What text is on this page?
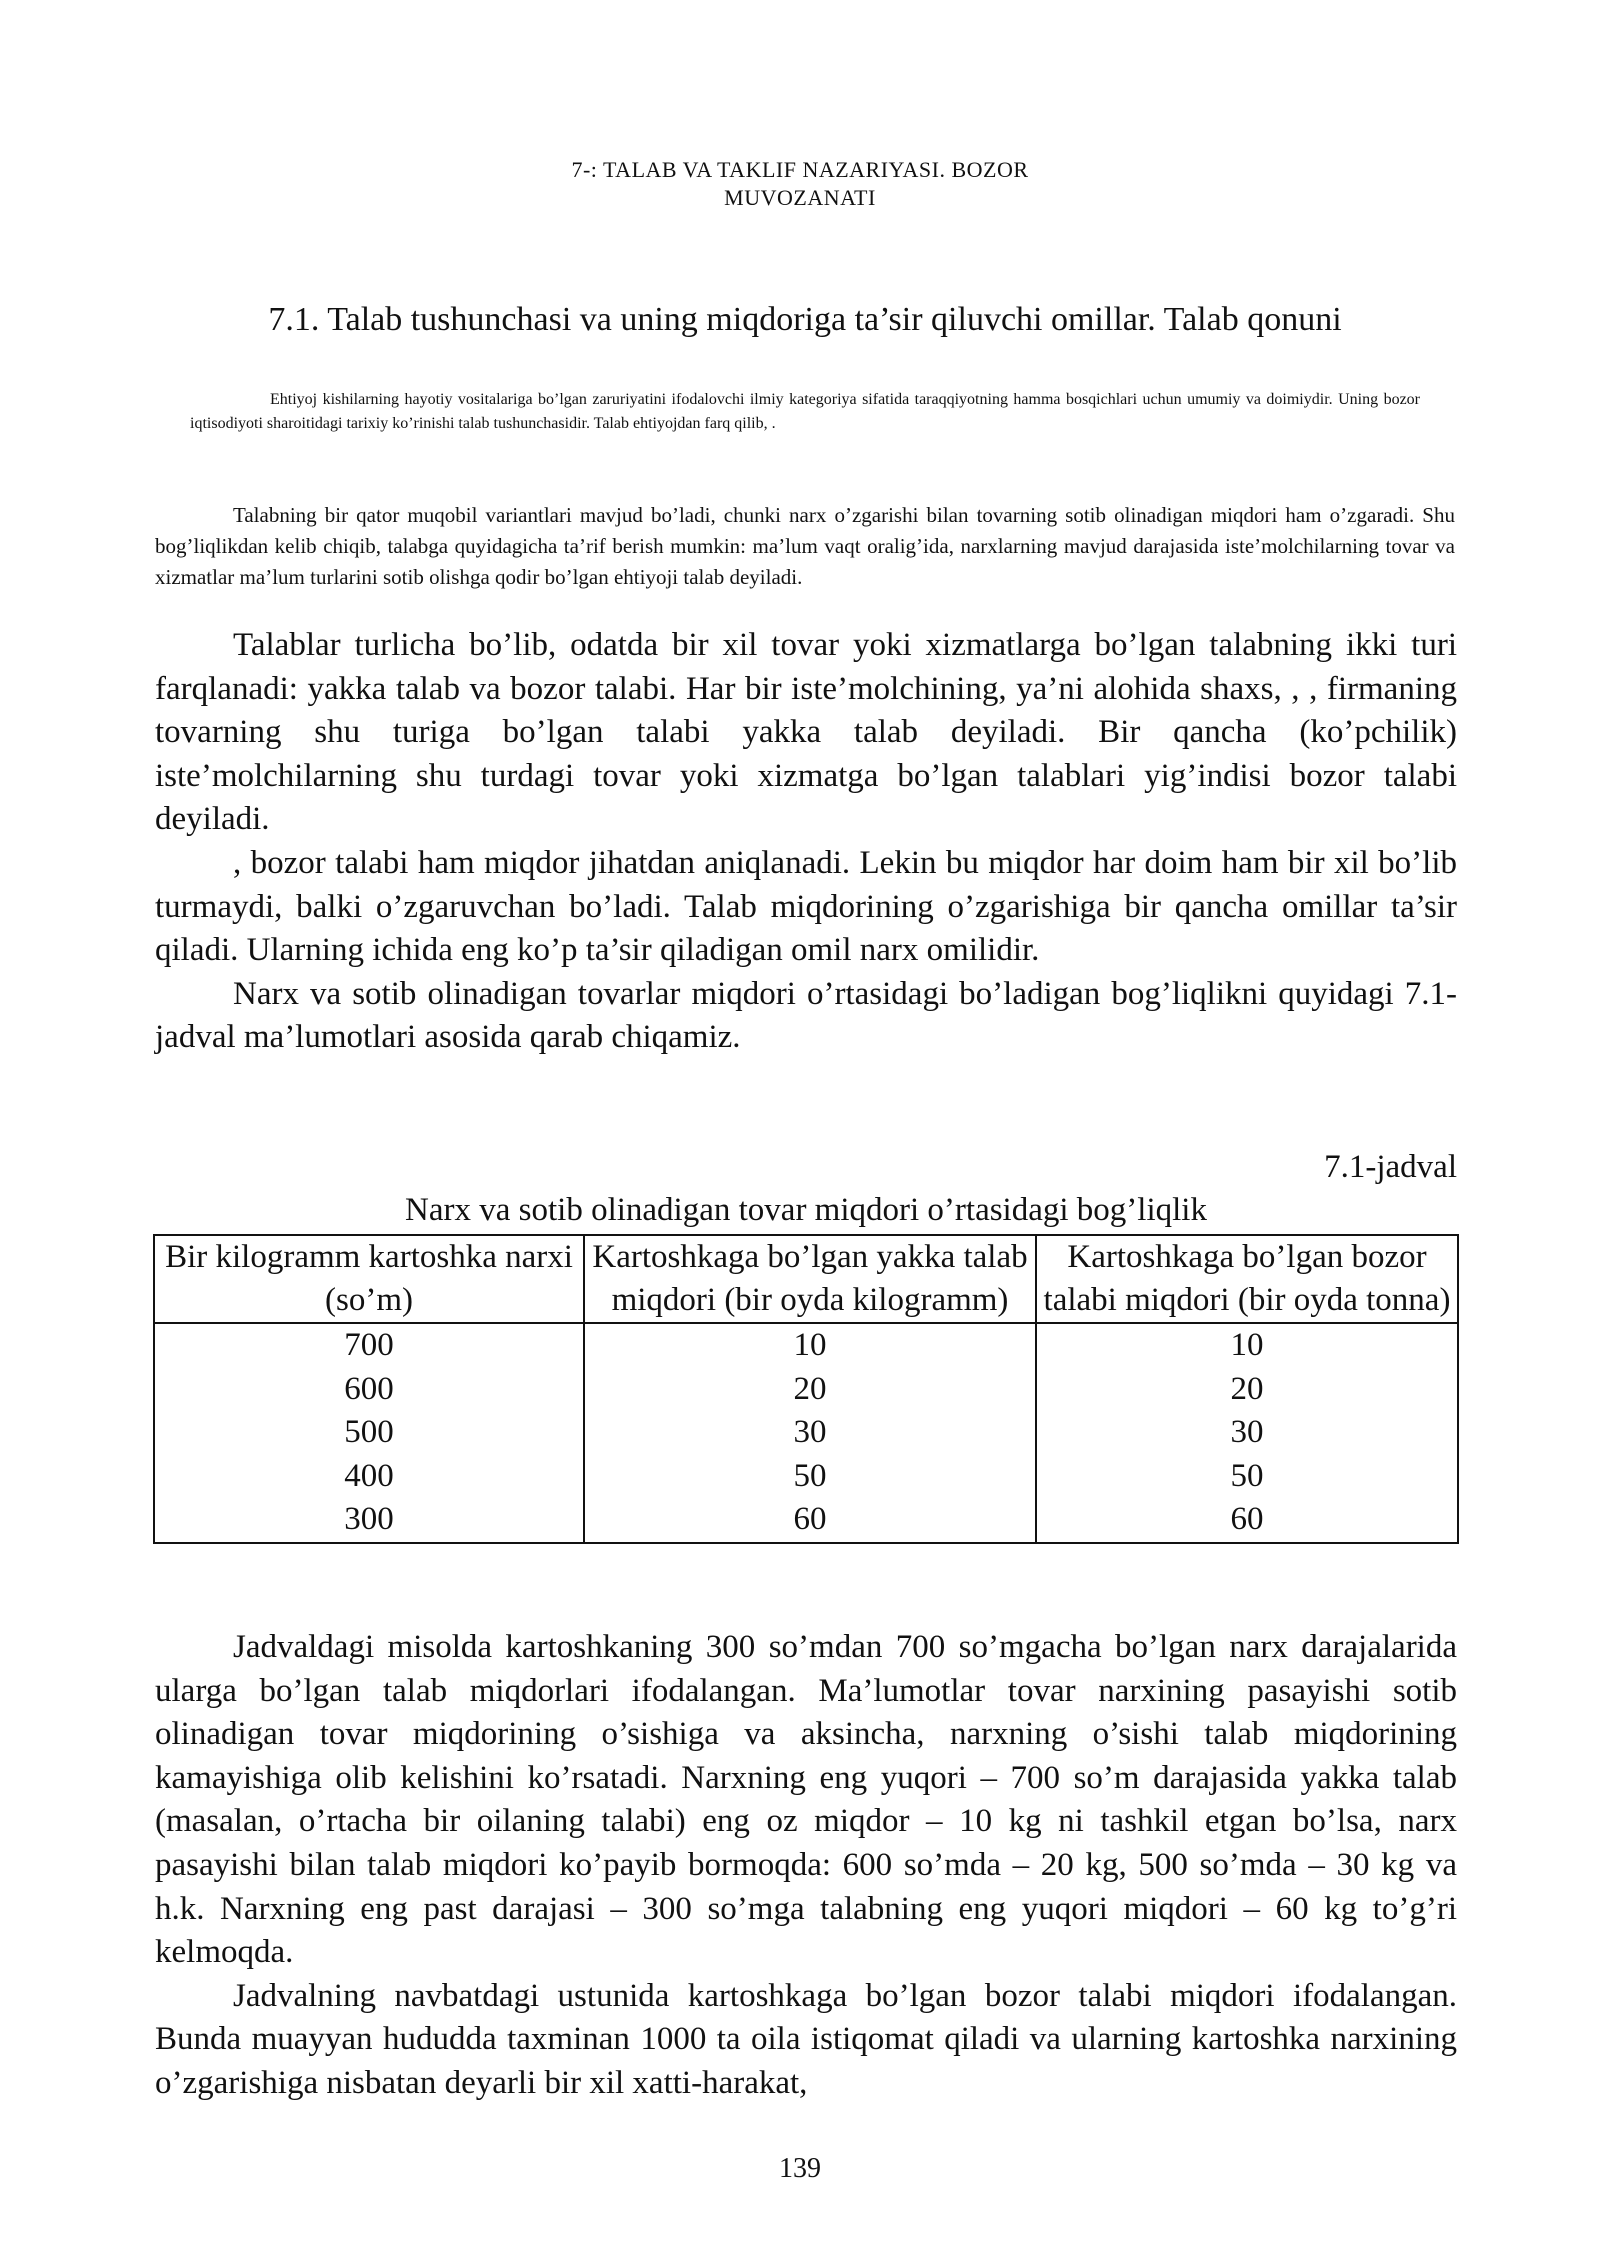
7-: TALAB VA TAKLIF NAZARIYASI. BOZOR
MUVOZANATI
7.1. Talab tushunchasi va uning miqdoriga ta’sir qiluvchi omillar. Talab qonuni
Ehtiyoj kishilarning hayotiy vositalariga bo’lgan zaruriyatini ifodalovchi ilmiy kategoriya sifatida taraqqiyotning hamma bosqichlari uchun umumiy va doimiydir. Uning bozor iqtisodiyoti sharoitidagi tarixiy ko’rinishi talab tushunchasidir. Talab ehtiyojdan farq qilib, .
Talabning bir qator muqobil variantlari mavjud bo’ladi, chunki narx o’zgarishi bilan tovarning sotib olinadigan miqdori ham o’zgaradi. Shu bog’liqlikdan kelib chiqib, talabga quyidagicha ta’rif berish mumkin: ma’lum vaqt oralig’ida, narxlarning mavjud darajasida iste’molchilarning tovar va xizmatlar ma’lum turlarini sotib olishga qodir bo’lgan ehtiyoji talab deyiladi.

Talablar turlicha bo’lib, odatda bir xil tovar yoki xizmatlarga bo’lgan talabning ikki turi farqlanadi: yakka talab va bozor talabi. Har bir iste’molchining, ya’ni alohida shaxs, , , firmaning tovarning shu turiga bo’lgan talabi yakka talab deyiladi. Bir qancha (ko’pchilik) iste’molchilarning shu turdagi tovar yoki xizmatga bo’lgan talablari yig’indisi bozor talabi deyiladi.

, bozor talabi ham miqdor jihatdan aniqlanadi. Lekin bu miqdor har doim ham bir xil bo’lib turmaydi, balki o’zgaruvchan bo’ladi. Talab miqdorining o’zgarishiga bir qancha omillar ta’sir qiladi. Ularning ichida eng ko’p ta’sir qiladigan omil narx omilidir.

Narx va sotib olinadigan tovarlar miqdori o’rtasidagi bo’ladigan bog’liqlikni quyidagi 7.1-jadval ma’lumotlari asosida qarab chiqamiz.

7.1-jadval
Narx va sotib olinadigan tovar miqdori o’rtasidagi bog’liqlik
Bir kilogramm kartoshka narxi (so’m)	Kartoshkaga bo’lgan yakka talab miqdori (bir oyda kilogramm)	Kartoshkaga bo’lgan bozor talabi miqdori (bir oyda tonna)
700	10	10
600	20	20
500	30	30
400	50	50
300	60	60

Jadvaldagi misolda kartoshkaning 300 so’mdan 700 so’mgacha bo’lgan narx darajalarida ularga bo’lgan talab miqdorlari ifodalangan. Ma’lumotlar tovar narxining pasayishi sotib olinadigan tovar miqdorining o’sishiga va aksincha, narxning o’sishi talab miqdorining kamayishiga olib kelishini ko’rsatadi. Narxning eng yuqori – 700 so’m darajasida yakka talab (masalan, o’rtacha bir oilaning talabi) eng oz miqdor – 10 kg ni tashkil etgan bo’lsa, narx pasayishi bilan talab miqdori ko’payib bormoqda: 600 so’mda – 20 kg, 500 so’mda – 30 kg va h.k. Narxning eng past darajasi – 300 so’mga talabning eng yuqori miqdori – 60 kg to’g’ri kelmoqda.

Jadvalning navbatdagi ustunida kartoshkaga bo’lgan bozor talabi miqdori ifodalangan. Bunda muayyan hududda taxminan 1000 ta oila istiqomat qiladi va ularning kartoshka narxining o’zgarishiga nisbatan deyarli bir xil xatti-harakat,

139
